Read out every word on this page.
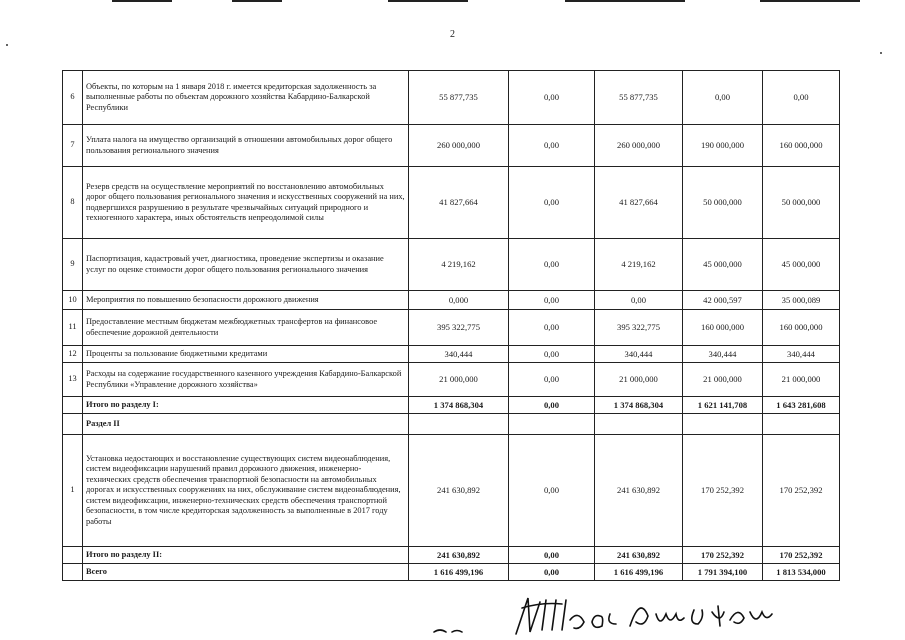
2
6	Объекты, по которым на 1 января 2018 г. имеется кредиторская задолженность за выполненные работы по объектам дорожного хозяйства Кабардино-Балкарской Республики	55 877,735	0,00	55 877,735	0,00	0,00
7	Уплата налога на имущество организаций в отношении автомобильных дорог общего пользования регионального значения	260 000,000	0,00	260 000,000	190 000,000	160 000,000
8	Резерв средств на осуществление мероприятий по восстановлению автомобильных дорог общего пользования регионального значения и искусственных сооружений на них, подвергшихся разрушению в результате чрезвычайных ситуаций природного и техногенного характера, иных обстоятельств непреодолимой силы	41 827,664	0,00	41 827,664	50 000,000	50 000,000
9	Паспортизация, кадастровый учет, диагностика, проведение экспертизы и оказание услуг по оценке стоимости дорог общего пользования регионального значения	4 219,162	0,00	4 219,162	45 000,000	45 000,000
10	Мероприятия по повышению безопасности дорожного движения	0,000	0,00	0,00	42 000,597	35 000,089
11	Предоставление местным бюджетам межбюджетных трансфертов на финансовое обеспечение дорожной деятельности	395 322,775	0,00	395 322,775	160 000,000	160 000,000
12	Проценты за пользование бюджетными кредитами	340,444	0,00	340,444	340,444	340,444
13	Расходы на содержание государственного казенного учреждения Кабардино-Балкарской Республики «Управление дорожного хозяйства»	21 000,000	0,00	21 000,000	21 000,000	21 000,000
	Итого по разделу I:	1 374 868,304	0,00	1 374 868,304	1 621 141,708	1 643 281,608
	Раздел II					
1	Установка недостающих и восстановление существующих систем видеонаблюдения, систем видеофиксации нарушений правил дорожного движения, инженерно-технических средств обеспечения транспортной безопасности на автомобильных дорогах и искусственных сооружениях на них, обслуживание систем видеонаблюдения, систем видеофиксации, инженерно-технических средств обеспечения транспортной безопасности, в том числе кредиторская задолженность за выполненные в 2017 году работы	241 630,892	0,00	241 630,892	170 252,392	170 252,392
	Итого по разделу II:	241 630,892	0,00	241 630,892	170 252,392	170 252,392
	Всего	1 616 499,196	0,00	1 616 499,196	1 791 394,100	1 813 534,000
